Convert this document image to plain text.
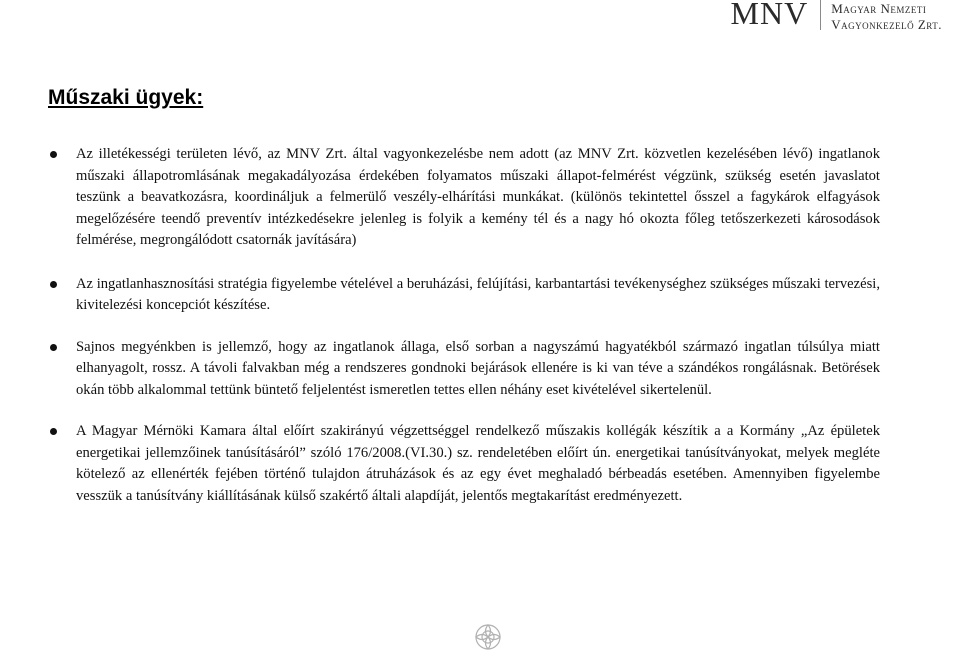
MNV Magyar Nemzeti
Vagyonkezelő Zrt.
Műszaki ügyek:
Az illetékességi területen lévő, az MNV Zrt. által vagyonkezelésbe nem adott (az MNV Zrt. közvetlen kezelésében lévő) ingatlanok műszaki állapotromlásának megakadályozása érdekében folyamatos műszaki állapot-felmérést végzünk, szükség esetén javaslatot teszünk a beavatkozásra, koordináljuk a felmerülő veszély-elhárítási munkákat. (különös tekintettel ősszel a fagykárok elfagyások megelőzésére teendő preventív intézkedésekre jelenleg is folyik a kemény tél és a nagy hó okozta főleg tetőszerkezeti károsodások felmérése, megrongálódott csatornák javítására)
Az ingatlanhasznosítási stratégia figyelembe vételével a beruházási, felújítási, karbantartási tevékenységhez szükséges műszaki tervezési, kivitelezési koncepciót készítése.
Sajnos megyénkben is jellemző, hogy az ingatlanok állaga, első sorban a nagyszámú hagyatékból származó ingatlan túlsúlya miatt elhanyagolt, rossz. A távoli falvakban még a rendszeres gondnoki bejárások ellenére is ki van téve a szándékos rongálásnak. Betörések okán több alkalommal tettünk büntető feljelentést ismeretlen tettes ellen néhány eset kivételével sikertelenül.
A Magyar Mérnöki Kamara által előírt szakirányú végzettséggel rendelkező műszakis kollégák készítik a a Kormány „Az épületek energetikai jellemzőinek tanúsításáról” szóló 176/2008.(VI.30.) sz. rendeletében előírt ún. energetikai tanúsítványokat, melyek megléte kötelező az ellenérték fejében történő tulajdon átruházások és az egy évet meghaladó bérbeadás esetében. Amennyiben figyelembe vesszük a tanúsítvány kiállításának külső szakértő általi alapdíját, jelentős megtakarítást eredményezett.
